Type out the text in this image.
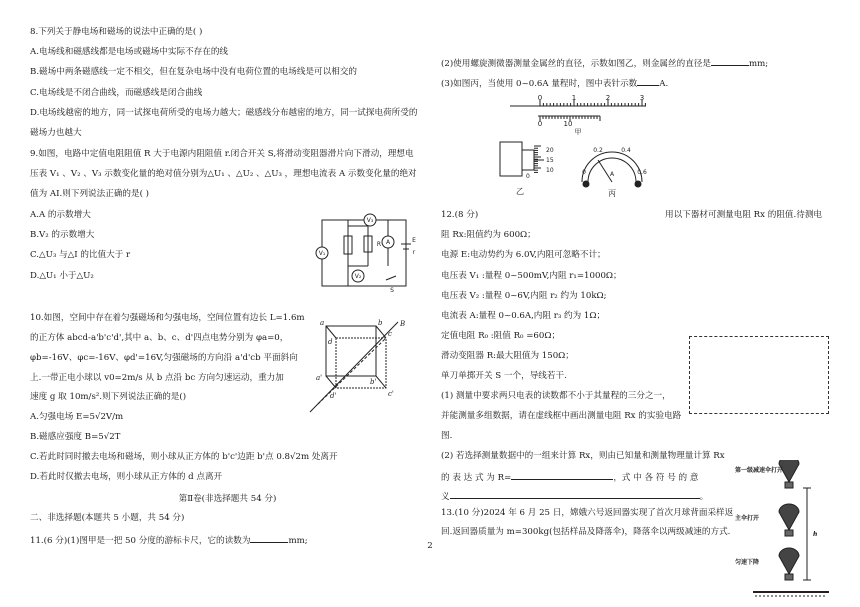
8.下列关于静电场和磁场的说法中正确的是( )
A.电场线和磁感线都是电场或磁场中实际不存在的线
B.磁场中两条磁感线一定不相交，但在复杂电场中没有电荷位置的电场线是可以相交的
C.电场线是不闭合曲线，而磁感线是闭合曲线
D.电场线越密的地方，同一试探电荷所受的电场力越大；磁感线分布越密的地方，同一试探电荷所受的
磁场力也越大
9.如图，电路中定值电阻阻值 R 大于电源内阻阻值 r.闭合开关 S,将滑动变阻器滑片向下滑动，理想电
压表 V₁ 、V₂ 、V₃ 示数变化量的绝对值分别为△U₁ 、△U₂ 、△U₃ ，理想电流表 A 示数变化量的绝对
值为 AI.则下列说法正确的是( )
A.A 的示数增大
B.V₂ 的示数增大
C.△U₃ 与△I 的比值大于 r
D.△U₁ 小于△U₂
V₁
V₂
V₃
R A	E
r
S
10.如图，空间中存在着匀强磁场和匀强电场，空间位置有边长 L=1.6m
的正方体 abcd-a'b'c'd',其中 a、b、c、d'四点电势分别为 φa=0，
φb=-16V、φc=-16V、φd'=16V,匀强磁场的方向沿 a'd'cb 平面斜向
上.一带正电小球以 v0=2m/s 从 b 点沿 bc 方向匀速运动，重力加
速度 g 取 10m/s².则下列说法正确的是()
A.匀强电场 E=5√2V/m
B.磁感应强度 B=5√2T
C.若此时同时撤去电场和磁场，则小球从正方体的 b'c'边距 b'点 0.8√2m 处离开
D.若此时仅撤去电场，则小球从正方体的 d 点离开
a	b
c
d
a'	b'
c'
d'
B
第Ⅱ卷(非选择题共 54 分)
二、非选择题(本题共 5 小题，共 54 分)
11.(6 分)(1)图甲是一把 50 分度的游标卡尺，它的读数为	mm;
(2)使用螺旋测微器测量金属丝的直径，示数如图乙，则金属丝的直径是	mm;
(3)如图丙，当使用 0~0.6A 量程时，图中表针示数	A.
0	1	2	3
0	10
甲
20
15
10
0
乙
0
0.2	0.4
0.6
A
丙
12.(8 分)	用以下器材可测量电阻 Rx 的阻值.待测电
阻 Rx:阻值约为 600Ω；
电源 E:电动势约为 6.0V,内阻可忽略不计；
电压表 V₁ :量程 0~500mV,内阻 r₁=1000Ω；
电压表 V₂ :量程 0~6V,内阻 r₂ 约为 10kΩ;
电流表 A:量程 0~0.6A,内阻 r₃ 约为 1Ω；
定值电阻 R₀ :阻值 R₀ =60Ω；
滑动变阻器 R:最大阻值为 150Ω；
单刀单掷开关 S 一个，导线若干.
(1) 测量中要求两只电表的读数都不小于其量程的三分之一，
并能测量多组数据，请在虚线框中画出测量电阻 Rx 的实验电路
图.
(2) 若选择测量数据中的一组来计算 Rx，则由已知量和测量物理量计算 Rx
的 表 达 式 为 R=	，式 中 各 符 号 的 意
义	。
13.(10 分)2024 年 6 月 25 日，嫦娥六号返回器实现了首次月球背面采样返
回.返回器质量为 m=300kg(包括样品及降落伞)，降落伞以两级减速的方式.
第一级减速伞打开
主伞打开
匀速下降
h
2
